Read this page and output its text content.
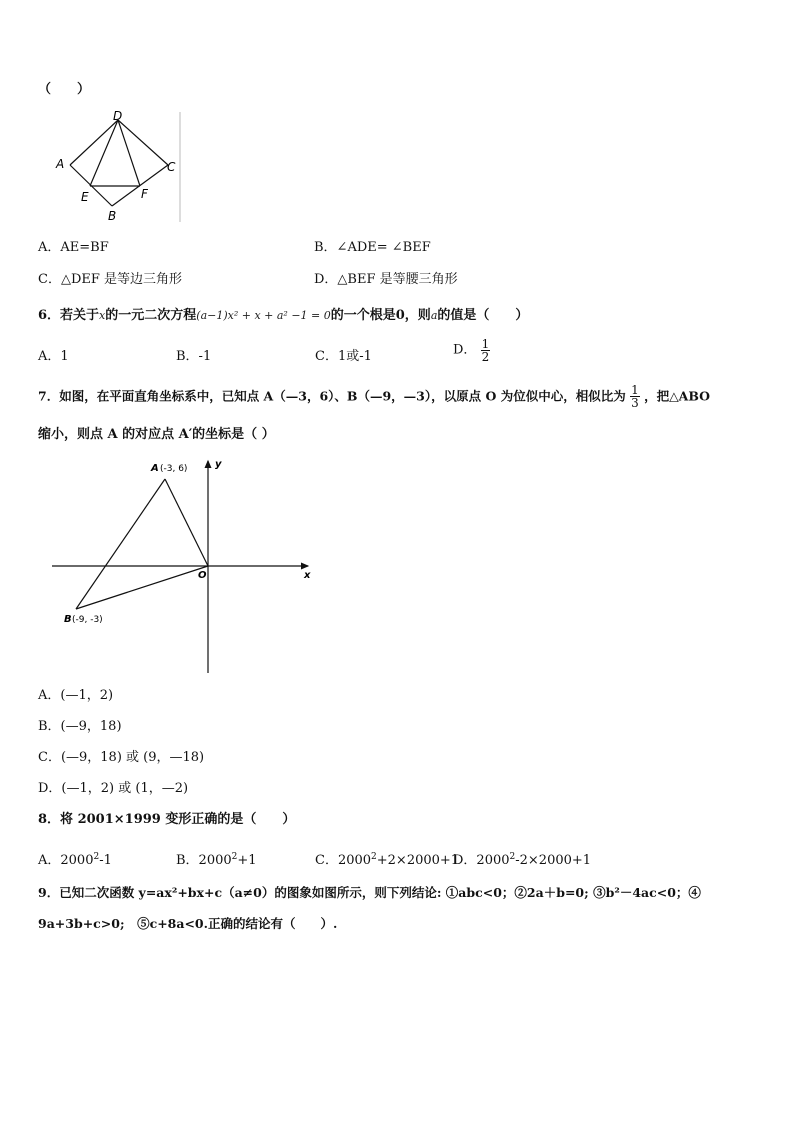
（　　）
D
A	C
E	F
B
A．AE=BF	B．∠ADE= ∠BEF
C．△DEF 是等边三角形	D．△BEF 是等腰三角形
6．若关于x的一元二次方程(a−1)x² + x + a² −1 = 0的一个根是0，则a的值是（　　）
A．1	B．-1	C．1或-1	D． $\frac{1}{2}$
7．如图，在平面直角坐标系中，已知点 A（—3，6）、B（—9，—3），以原点 O 为位似中心，相似比为 $\frac{1}{3}$ ，把△ABO
缩小，则点 A 的对应点 A′的坐标是（ ）
A (-3, 6)
B (-9, -3)
O	x
y
A．(—1，2)
B．(—9，18)
C．(—9，18) 或 (9，—18)
D．(—1，2) 或 (1，—2)
8．将 2001×1999 变形正确的是（　　）
A．2000$^2$-1	B．$2000^2+1$	C．$2000^2+2\times 2000+1$
D．$2000^2-2\times 2000+1$
9．已知二次函数 y=ax²+bx+c（a≠0）的图象如图所示，则下列结论: ①abc<0；②2a＋b=0; ③b²－4ac<0；④
9a+3b+c>0;　⑤c+8a<0.正确的结论有（　　）.
